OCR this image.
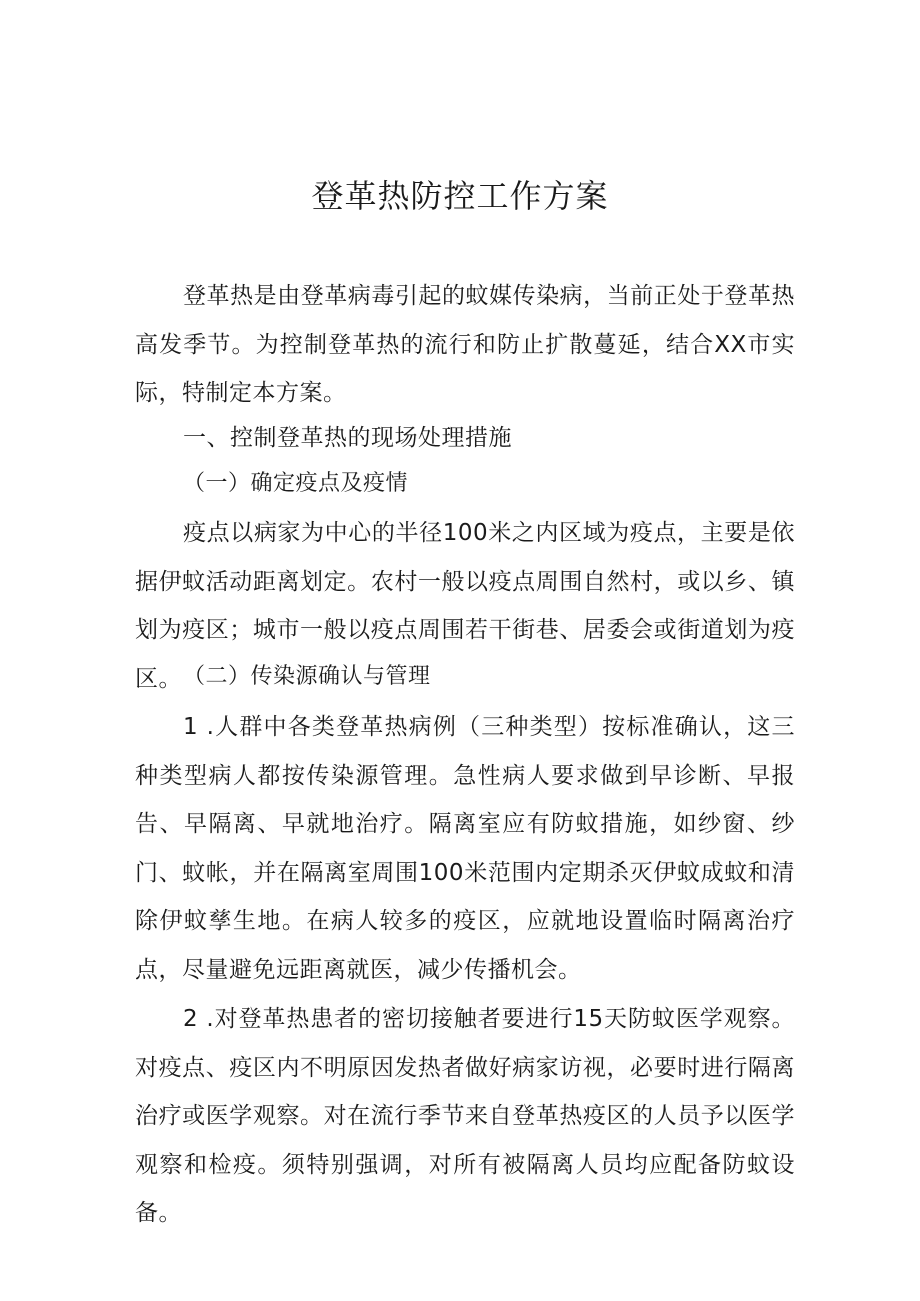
登革热防控工作方案

登革热是由登革病毒引起的蚊媒传染病，当前正处于登革热高发季节。为控制登革热的流行和防止扩散蔓延，结合XX市实际，特制定本方案。

一、控制登革热的现场处理措施
（一）确定疫点及疫情

疫点以病家为中心的半径100米之内区域为疫点，主要是依据伊蚊活动距离划定。农村一般以疫点周围自然村，或以乡、镇划为疫区；城市一般以疫点周围若干街巷、居委会或街道划为疫区。 （二）传染源确认与管理

1 .人群中各类登革热病例（三种类型）按标准确认，这三种类型病人都按传染源管理。急性病人要求做到早诊断、早报告、早隔离、早就地治疗。隔离室应有防蚊措施，如纱窗、纱门、蚊帐，并在隔离室周围100米范围内定期杀灭伊蚊成蚊和清除伊蚊孳生地。在病人较多的疫区，应就地设置临时隔离治疗点，尽量避免远距离就医，减少传播机会。

2 .对登革热患者的密切接触者要进行15天防蚊医学观察。对疫点、疫区内不明原因发热者做好病家访视，必要时进行隔离治疗或医学观察。对在流行季节来自登革热疫区的人员予以医学观察和检疫。须特别强调，对所有被隔离人员均应配备防蚊设备。
